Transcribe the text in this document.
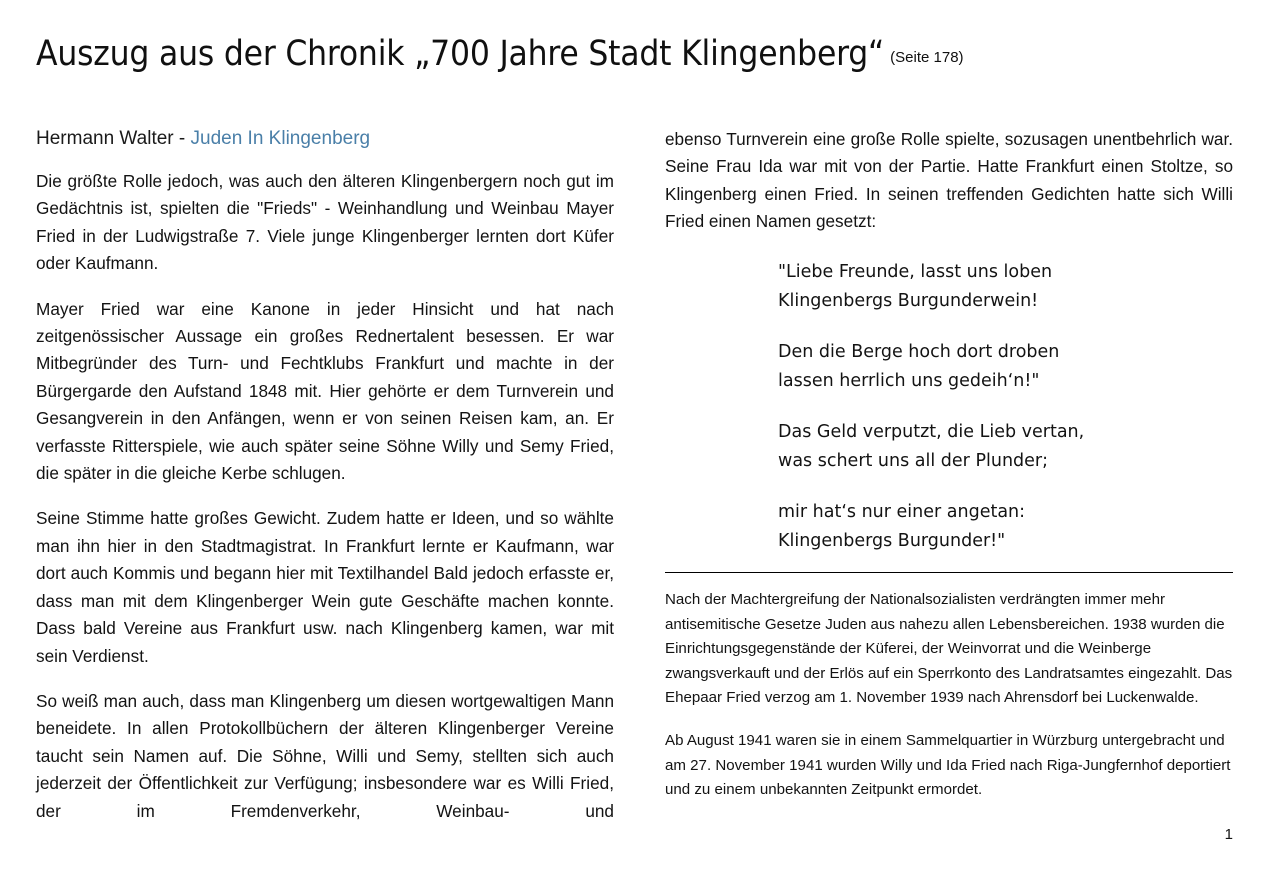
Auszug aus der Chronik „700 Jahre Stadt Klingenberg“ (Seite 178)
Hermann Walter - Juden In Klingenberg

Die größte Rolle jedoch, was auch den älteren Klingenbergern noch gut im Gedächtnis ist, spielten die "Frieds" - Weinhandlung und Weinbau Mayer Fried in der Ludwigstraße 7. Viele junge Klingenberger lernten dort Küfer oder Kaufmann.

Mayer Fried war eine Kanone in jeder Hinsicht und hat nach zeitgenössischer Aussage ein großes Rednertalent besessen. Er war Mitbegründer des Turn- und Fechtklubs Frankfurt und machte in der Bürgergarde den Aufstand 1848 mit. Hier gehörte er dem Turnverein und Gesangverein in den Anfängen, wenn er von seinen Reisen kam, an. Er verfasste Ritterspiele, wie auch später seine Söhne Willy und Semy Fried, die später in die gleiche Kerbe schlugen.

Seine Stimme hatte großes Gewicht. Zudem hatte er Ideen, und so wählte man ihn hier in den Stadtmagistrat. In Frankfurt lernte er Kaufmann, war dort auch Kommis und begann hier mit Textilhandel Bald jedoch erfasste er, dass man mit dem Klingenberger Wein gute Geschäfte machen konnte. Dass bald Vereine aus Frankfurt usw. nach Klingenberg kamen, war mit sein Verdienst.

So weiß man auch, dass man Klingenberg um diesen wortgewaltigen Mann beneidete. In allen Protokollbüchern der älteren Klingenberger Vereine taucht sein Namen auf. Die Söhne, Willi und Semy, stellten sich auch jederzeit der Öffentlichkeit zur Verfügung; insbesondere war es Willi Fried, der im Fremdenverkehr, Weinbau- und

ebenso Turnverein eine große Rolle spielte, sozusagen unentbehrlich war. Seine Frau Ida war mit von der Partie. Hatte Frankfurt einen Stoltze, so Klingenberg einen Fried. In seinen treffenden Gedichten hatte sich Willi Fried einen Namen gesetzt:

"Liebe Freunde, lasst uns loben
Klingenbergs Burgunderwein!
Den die Berge hoch dort droben
lassen herrlich uns gedeih‘n!"
Das Geld verputzt, die Lieb vertan,
was schert uns all der Plunder;
mir hat‘s nur einer angetan:
Klingenbergs Burgunder!"

Nach der Machtergreifung der Nationalsozialisten verdrängten immer mehr antisemitische Gesetze Juden aus nahezu allen Lebensbereichen. 1938 wurden die Einrichtungsgegenstände der Küferei, der Weinvorrat und die Weinberge zwangsverkauft und der Erlös auf ein Sperrkonto des Landratsamtes eingezahlt. Das Ehepaar Fried verzog am 1. November 1939 nach Ahrensdorf bei Luckenwalde.

Ab August 1941 waren sie in einem Sammelquartier in Würzburg untergebracht und am 27. November 1941 wurden Willy und Ida Fried nach Riga-Jungfernhof deportiert und zu einem unbekannten Zeitpunkt ermordet.

1
